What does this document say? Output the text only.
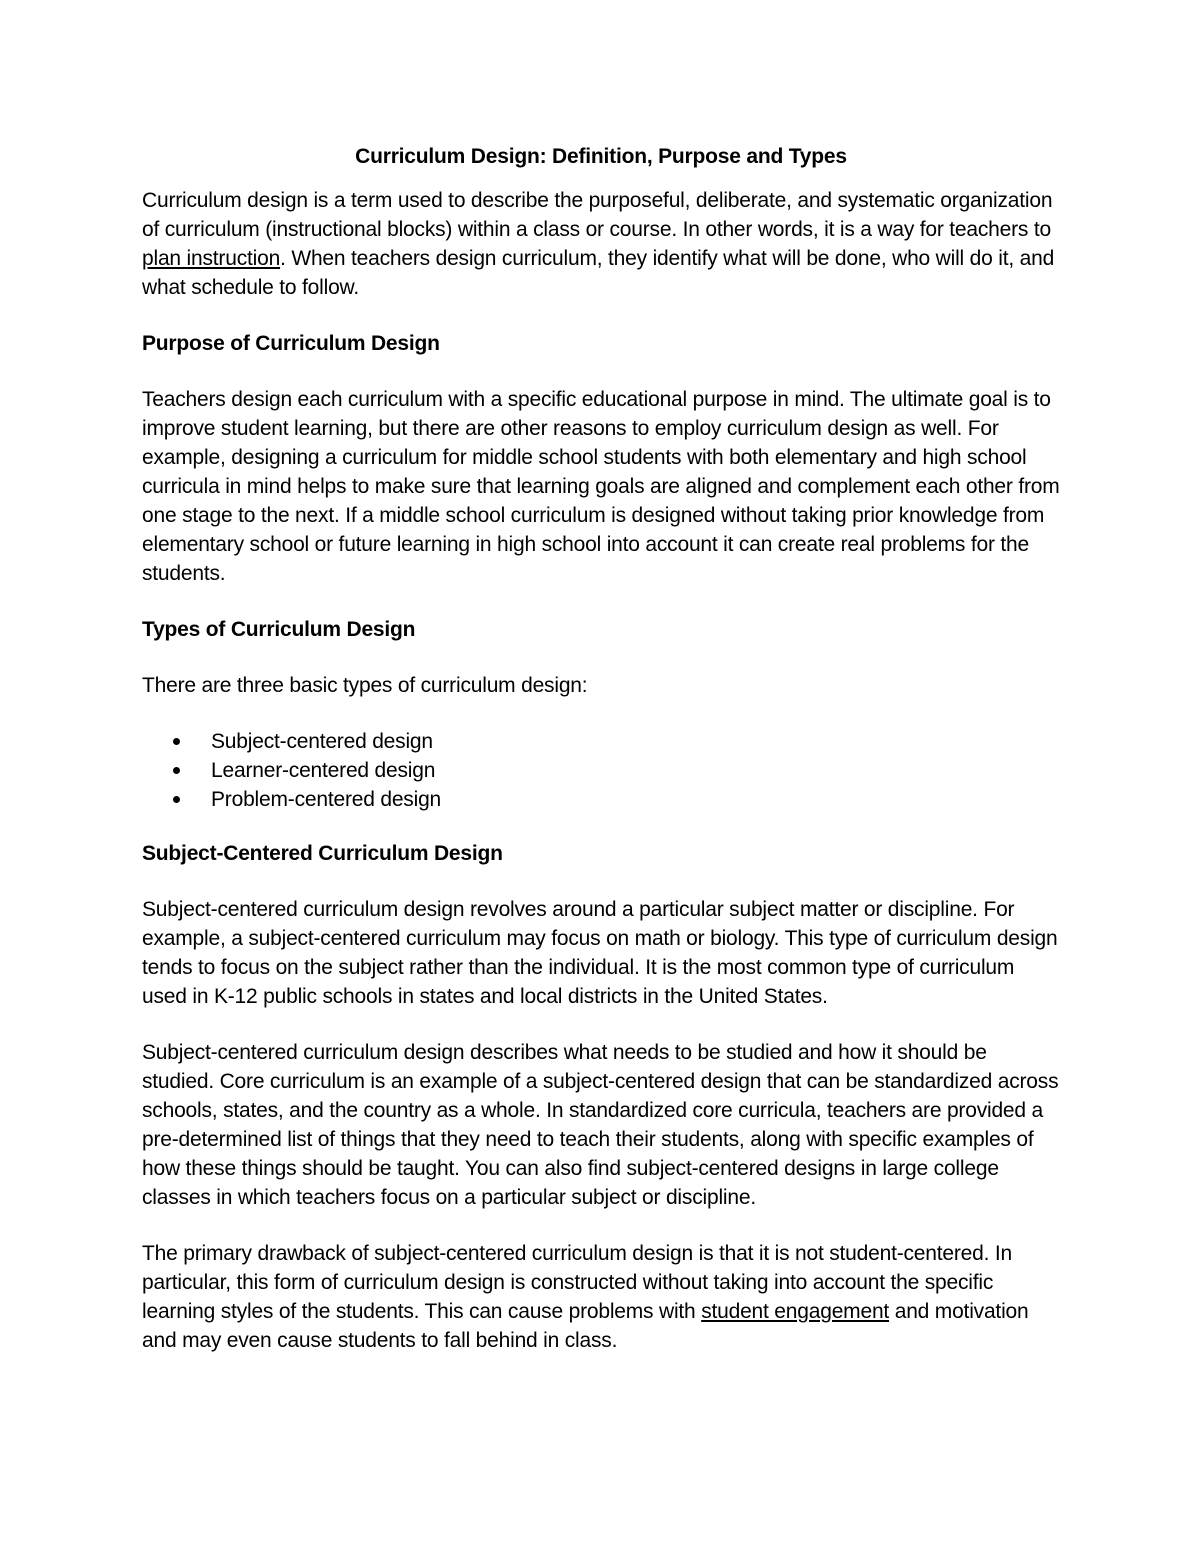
Curriculum Design: Definition, Purpose and Types

Curriculum design is a term used to describe the purposeful, deliberate, and systematic organization of curriculum (instructional blocks) within a class or course. In other words, it is a way for teachers to plan instruction. When teachers design curriculum, they identify what will be done, who will do it, and what schedule to follow.

Purpose of Curriculum Design

Teachers design each curriculum with a specific educational purpose in mind. The ultimate goal is to improve student learning, but there are other reasons to employ curriculum design as well. For example, designing a curriculum for middle school students with both elementary and high school curricula in mind helps to make sure that learning goals are aligned and complement each other from one stage to the next. If a middle school curriculum is designed without taking prior knowledge from elementary school or future learning in high school into account it can create real problems for the students.

Types of Curriculum Design

There are three basic types of curriculum design:

Subject-centered design
Learner-centered design
Problem-centered design
Subject-Centered Curriculum Design

Subject-centered curriculum design revolves around a particular subject matter or discipline. For example, a subject-centered curriculum may focus on math or biology. This type of curriculum design tends to focus on the subject rather than the individual. It is the most common type of curriculum used in K-12 public schools in states and local districts in the United States.

Subject-centered curriculum design describes what needs to be studied and how it should be studied. Core curriculum is an example of a subject-centered design that can be standardized across schools, states, and the country as a whole. In standardized core curricula, teachers are provided a pre-determined list of things that they need to teach their students, along with specific examples of how these things should be taught. You can also find subject-centered designs in large college classes in which teachers focus on a particular subject or discipline.

The primary drawback of subject-centered curriculum design is that it is not student-centered. In particular, this form of curriculum design is constructed without taking into account the specific learning styles of the students. This can cause problems with student engagement and motivation and may even cause students to fall behind in class.
